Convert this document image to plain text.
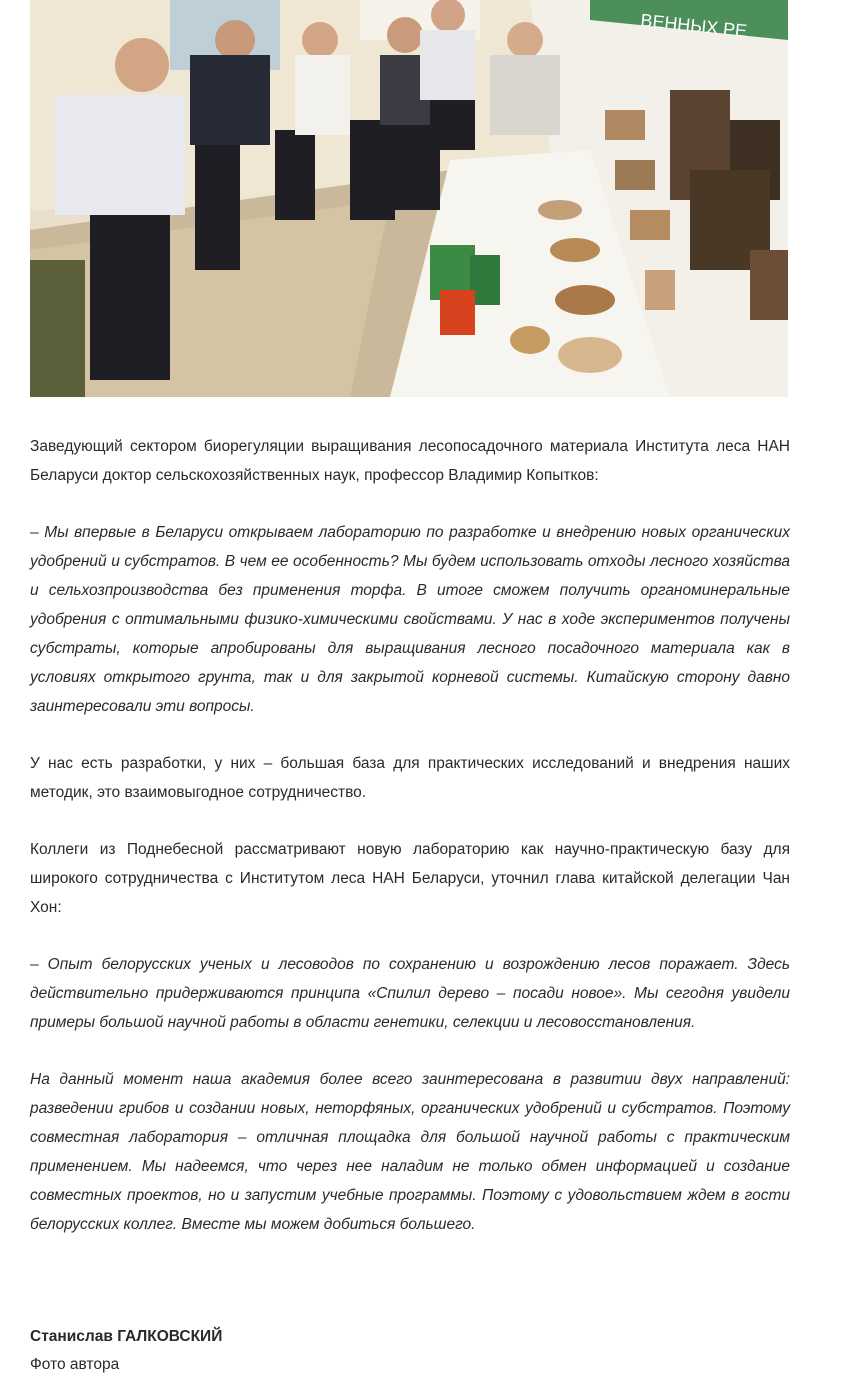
ВЕННЫХ РЕ

Заведующий сектором биорегуляции выращивания лесопосадочного материала Института леса НАН Беларуси доктор сельскохозяйственных наук, профессор Владимир Копытков:

– Мы впервые в Беларуси открываем лабораторию по разработке и внедрению новых органических удобрений и субстратов. В чем ее особенность? Мы будем использовать отходы лесного хозяйства и сельхозпроизводства без применения торфа. В итоге сможем получить органоминеральные удобрения с оптимальными физико-химическими свойствами. У нас в ходе экспериментов получены субстраты, которые апробированы для выращивания лесного посадочного материала как в условиях открытого грунта, так и для закрытой корневой системы. Китайскую сторону давно заинтересовали эти вопросы.

У нас есть разработки, у них – большая база для практических исследований и внедрения наших методик, это взаимовыгодное сотрудничество.

Коллеги из Поднебесной рассматривают новую лабораторию как научно-практическую базу для широкого сотрудничества с Институтом леса НАН Беларуси, уточнил глава китайской делегации Чан Хон:

– Опыт белорусских ученых и лесоводов по сохранению и возрождению лесов поражает. Здесь действительно придерживаются принципа «Спилил дерево – посади новое». Мы сегодня увидели примеры большой научной работы в области генетики, селекции и лесовосстановления.

На данный момент наша академия более всего заинтересована в развитии двух направлений: разведении грибов и создании новых, неторфяных, органических удобрений и субстратов. Поэтому совместная лаборатория – отличная площадка для большой научной работы с практическим применением. Мы надеемся, что через нее наладим не только обмен информацией и создание совместных проектов, но и запустим учебные программы. Поэтому с удовольствием ждем в гости белорусских коллег. Вместе мы можем добиться большего.

Станислав ГАЛКОВСКИЙ
Фото автора
